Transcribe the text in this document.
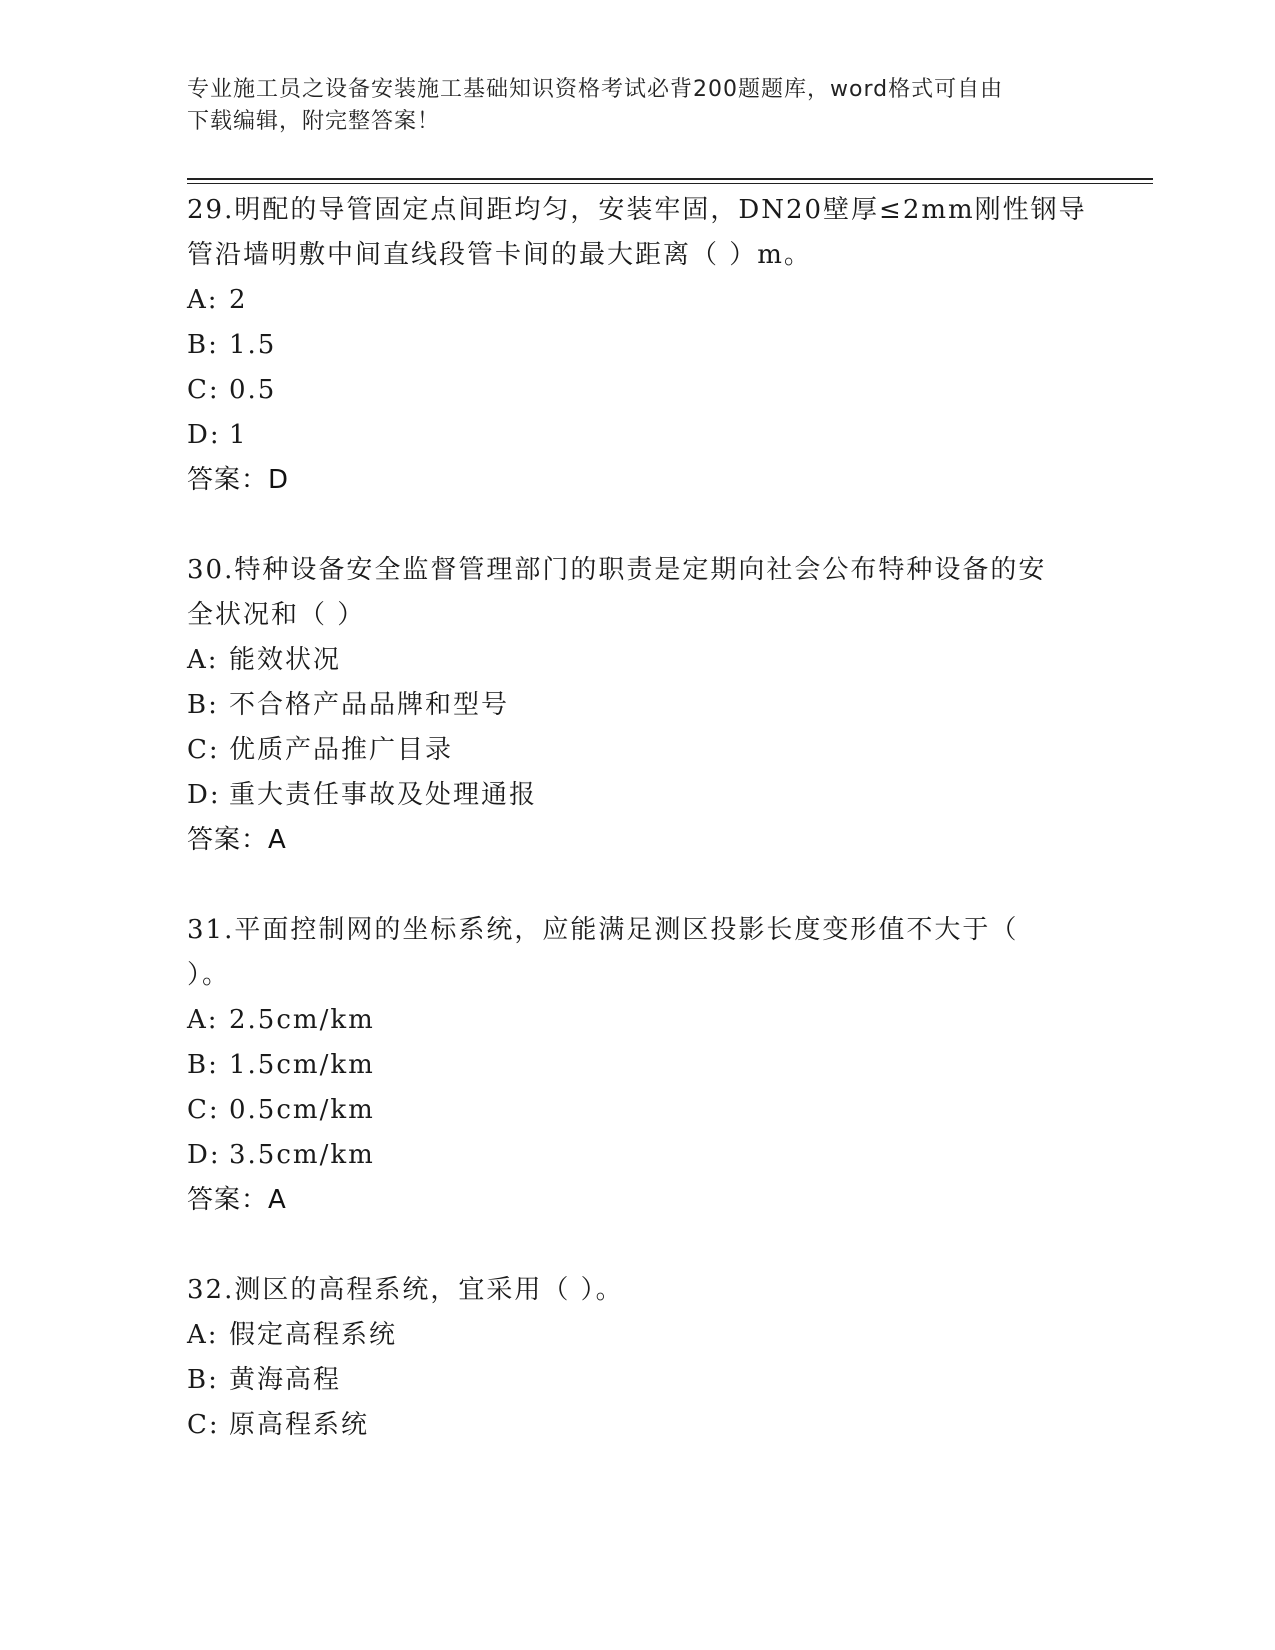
专业施工员之设备安装施工基础知识资格考试必背200题题库，word格式可自由
下载编辑，附完整答案！
29.明配的导管固定点间距均匀，安装牢固，DN20壁厚≤2mm刚性钢导
管沿墙明敷中间直线段管卡间的最大距离（ ）m。
A: 2
B: 1.5
C: 0.5
D: 1
答案：D
30.特种设备安全监督管理部门的职责是定期向社会公布特种设备的安
全状况和（ ）
A: 能效状况
B: 不合格产品品牌和型号
C: 优质产品推广目录
D: 重大责任事故及处理通报
答案：A
31.平面控制网的坐标系统，应能满足测区投影长度变形值不大于（
）。
A: 2.5cm/km
B: 1.5cm/km
C: 0.5cm/km
D: 3.5cm/km
答案：A
32.测区的高程系统，宜采用（ ）。
A: 假定高程系统
B: 黄海高程
C: 原高程系统
